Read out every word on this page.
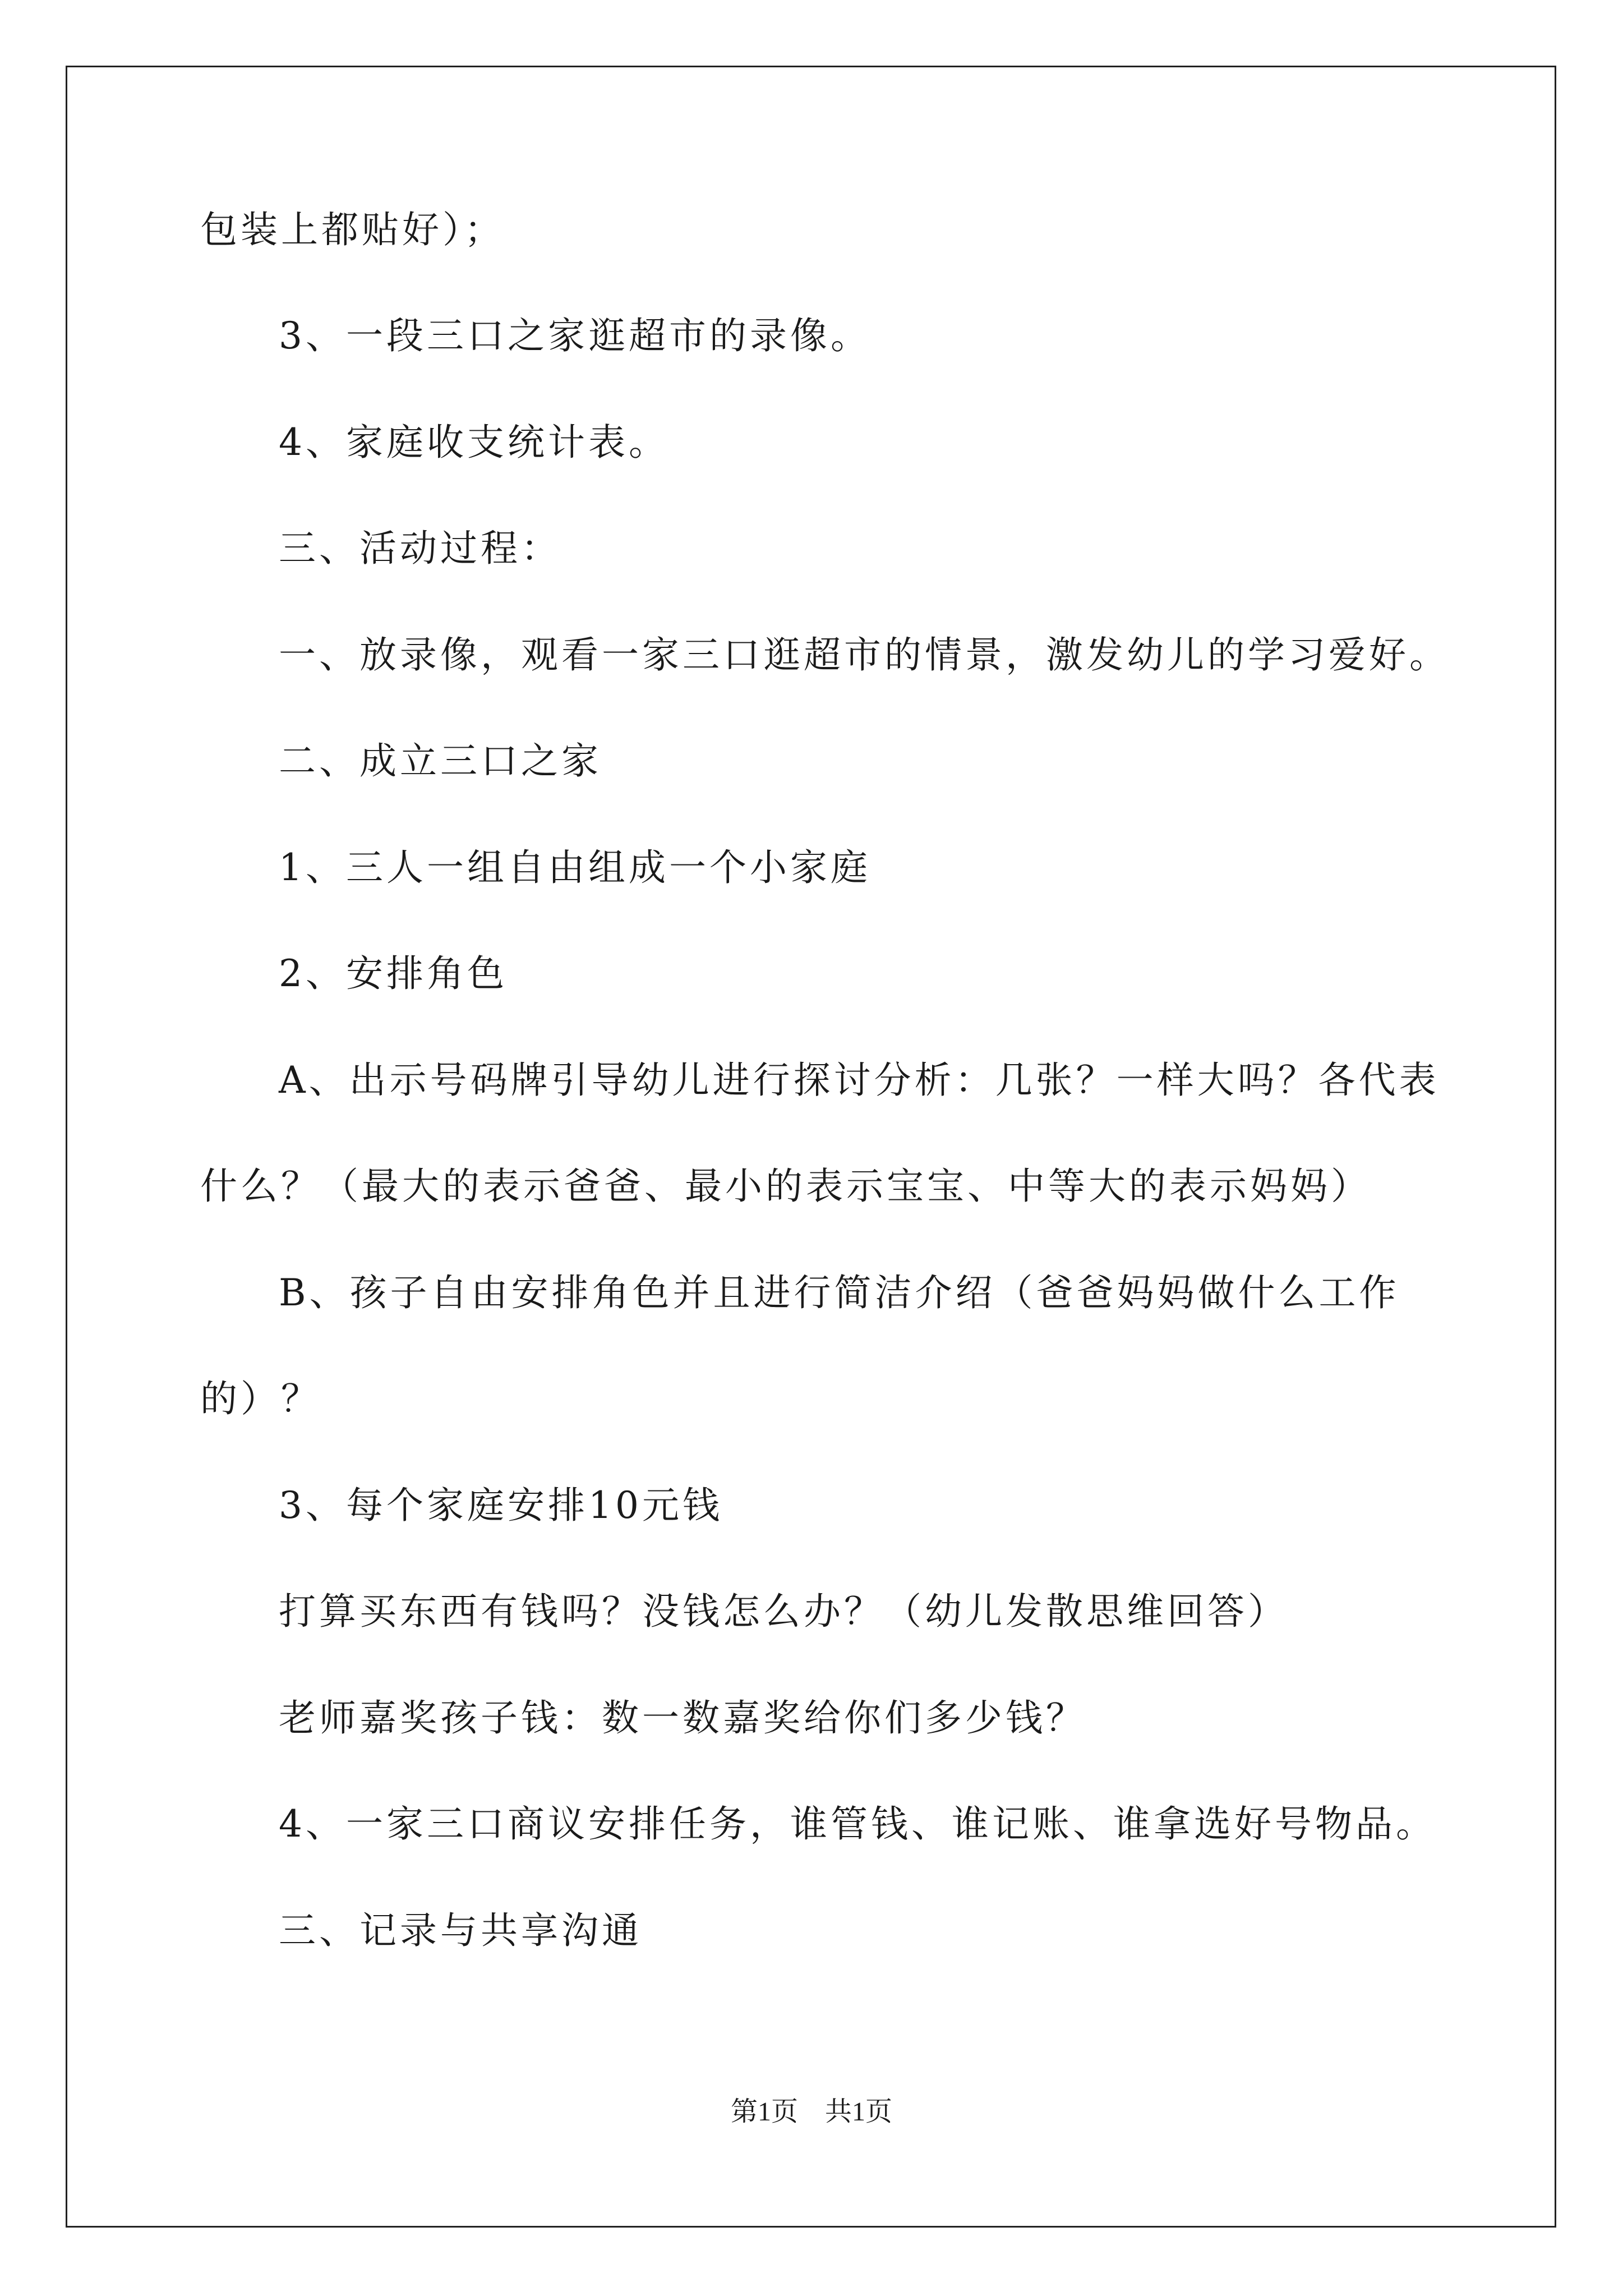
包装上都贴好）；
3、一段三口之家逛超市的录像。
4、家庭收支统计表。
三、活动过程：
一、放录像，观看一家三口逛超市的情景，激发幼儿的学习爱好。
二、成立三口之家
1、三人一组自由组成一个小家庭
2、安排角色
A、出示号码牌引导幼儿进行探讨分析：几张？一样大吗？各代表
什么？（最大的表示爸爸、最小的表示宝宝、中等大的表示妈妈）
B、孩子自由安排角色并且进行简洁介绍（爸爸妈妈做什么工作
的）？
3、每个家庭安排10元钱
打算买东西有钱吗？没钱怎么办？（幼儿发散思维回答）
老师嘉奖孩子钱：数一数嘉奖给你们多少钱？
4、一家三口商议安排任务，谁管钱、谁记账、谁拿选好号物品。
三、记录与共享沟通
第1页　共1页
